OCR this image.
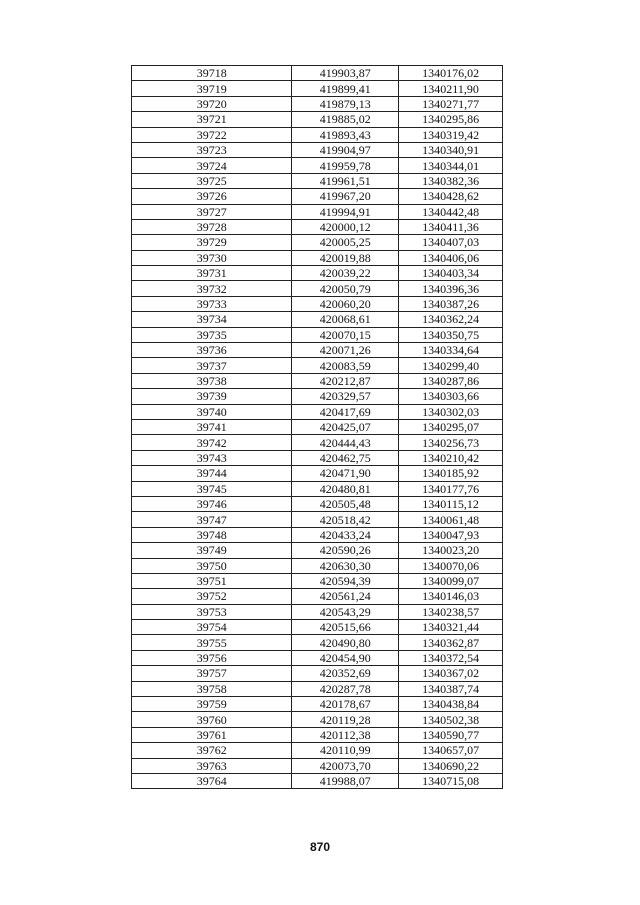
39718	419903,87	1340176,02
39719	419899,41	1340211,90
39720	419879,13	1340271,77
39721	419885,02	1340295,86
39722	419893,43	1340319,42
39723	419904,97	1340340,91
39724	419959,78	1340344,01
39725	419961,51	1340382,36
39726	419967,20	1340428,62
39727	419994,91	1340442,48
39728	420000,12	1340411,36
39729	420005,25	1340407,03
39730	420019,88	1340406,06
39731	420039,22	1340403,34
39732	420050,79	1340396,36
39733	420060,20	1340387,26
39734	420068,61	1340362,24
39735	420070,15	1340350,75
39736	420071,26	1340334,64
39737	420083,59	1340299,40
39738	420212,87	1340287,86
39739	420329,57	1340303,66
39740	420417,69	1340302,03
39741	420425,07	1340295,07
39742	420444,43	1340256,73
39743	420462,75	1340210,42
39744	420471,90	1340185,92
39745	420480,81	1340177,76
39746	420505,48	1340115,12
39747	420518,42	1340061,48
39748	420433,24	1340047,93
39749	420590,26	1340023,20
39750	420630,30	1340070,06
39751	420594,39	1340099,07
39752	420561,24	1340146,03
39753	420543,29	1340238,57
39754	420515,66	1340321,44
39755	420490,80	1340362,87
39756	420454,90	1340372,54
39757	420352,69	1340367,02
39758	420287,78	1340387,74
39759	420178,67	1340438,84
39760	420119,28	1340502,38
39761	420112,38	1340590,77
39762	420110,99	1340657,07
39763	420073,70	1340690,22
39764	419988,07	1340715,08
870
